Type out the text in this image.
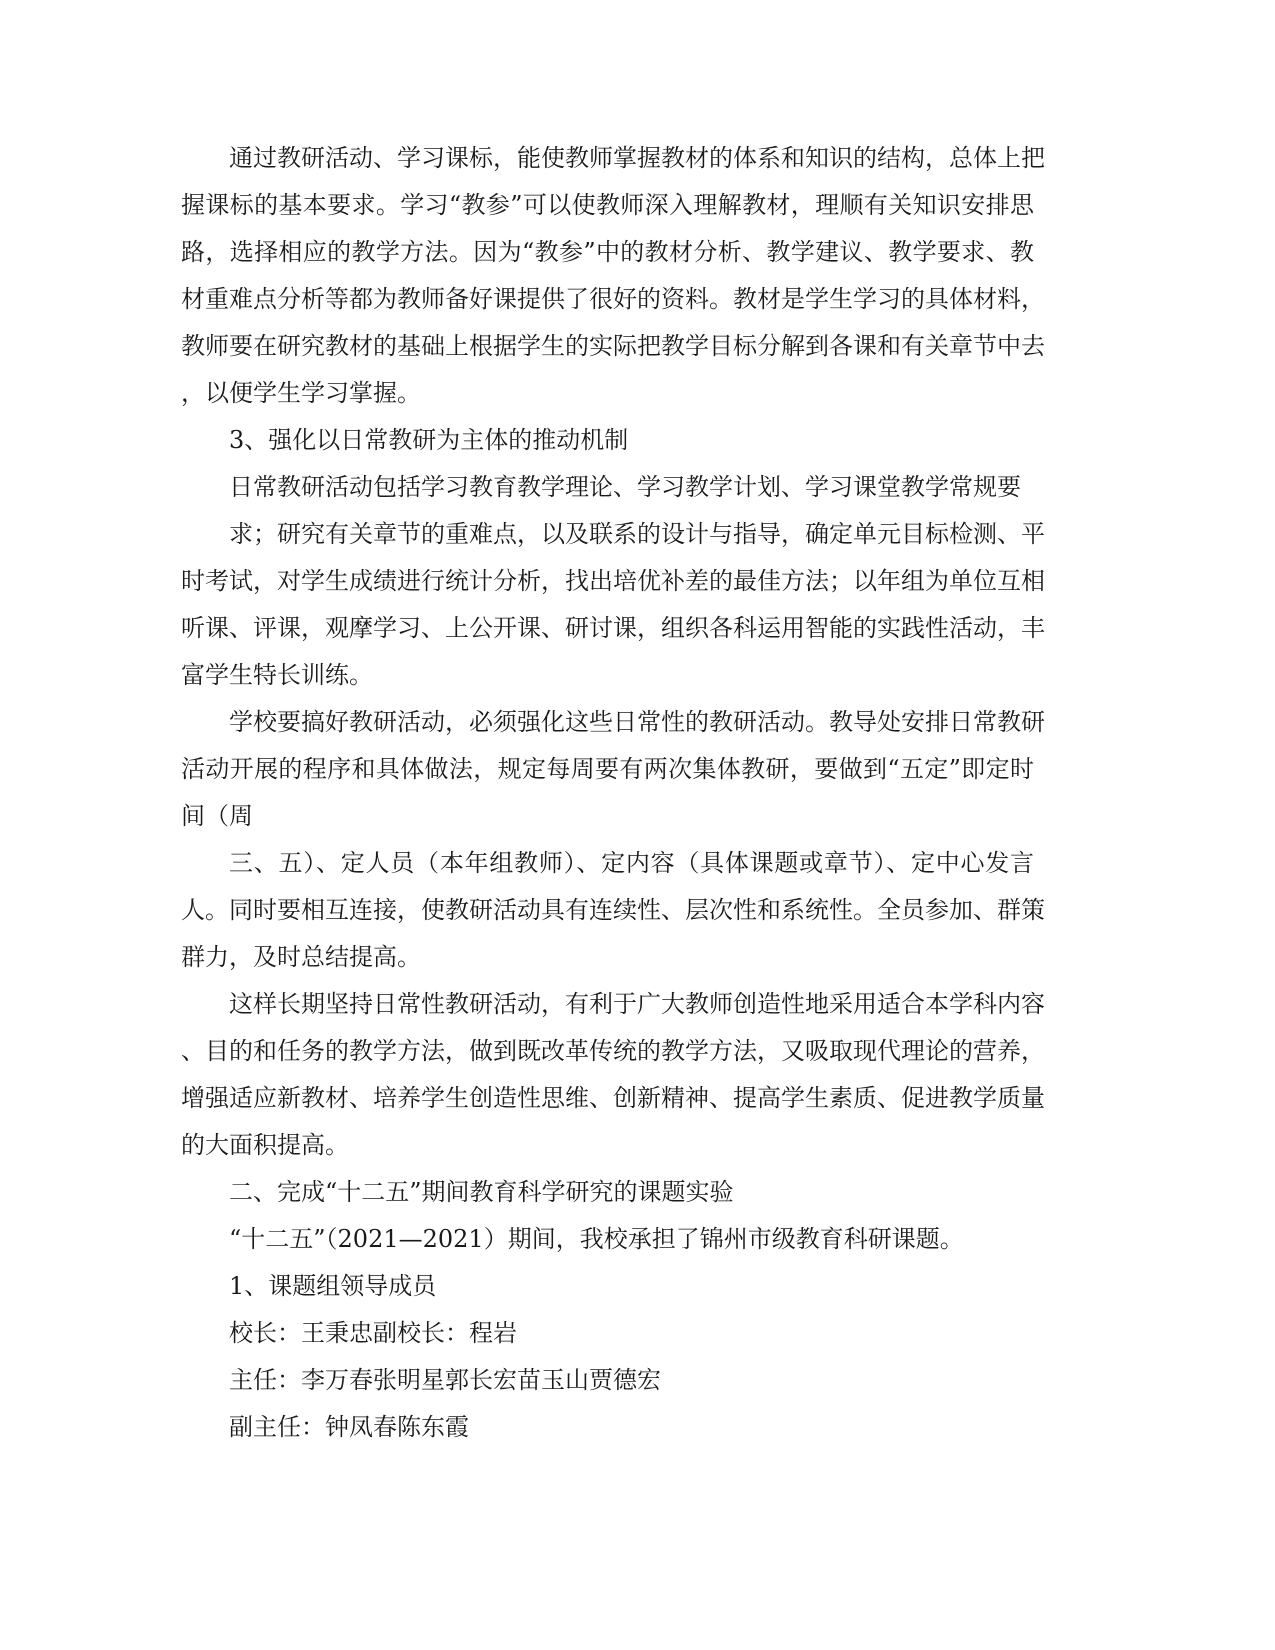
通过教研活动、学习课标，能使教师掌握教材的体系和知识的结构，总体上把
握课标的基本要求。学习“教参”可以使教师深入理解教材，理顺有关知识安排思
路，选择相应的教学方法。因为“教参”中的教材分析、教学建议、教学要求、教
材重难点分析等都为教师备好课提供了很好的资料。教材是学生学习的具体材料，
教师要在研究教材的基础上根据学生的实际把教学目标分解到各课和有关章节中去
，以便学生学习掌握。
3、强化以日常教研为主体的推动机制
日常教研活动包括学习教育教学理论、学习教学计划、学习课堂教学常规要
求；研究有关章节的重难点，以及联系的设计与指导，确定单元目标检测、平
时考试，对学生成绩进行统计分析，找出培优补差的最佳方法；以年组为单位互相
听课、评课，观摩学习、上公开课、研讨课，组织各科运用智能的实践性活动，丰
富学生特长训练。
学校要搞好教研活动，必须强化这些日常性的教研活动。教导处安排日常教研
活动开展的程序和具体做法，规定每周要有两次集体教研，要做到“五定”即定时
间（周
三、五）、定人员（本年组教师）、定内容（具体课题或章节）、定中心发言
人。同时要相互连接，使教研活动具有连续性、层次性和系统性。全员参加、群策
群力，及时总结提高。
这样长期坚持日常性教研活动，有利于广大教师创造性地采用适合本学科内容
、目的和任务的教学方法，做到既改革传统的教学方法，又吸取现代理论的营养，
增强适应新教材、培养学生创造性思维、创新精神、提高学生素质、促进教学质量
的大面积提高。
二、完成“十二五”期间教育科学研究的课题实验
“十二五”（2021—2021）期间，我校承担了锦州市级教育科研课题。
1、课题组领导成员
校长：王秉忠副校长：程岩
主任：李万春张明星郭长宏苗玉山贾德宏
副主任：钟凤春陈东霞
